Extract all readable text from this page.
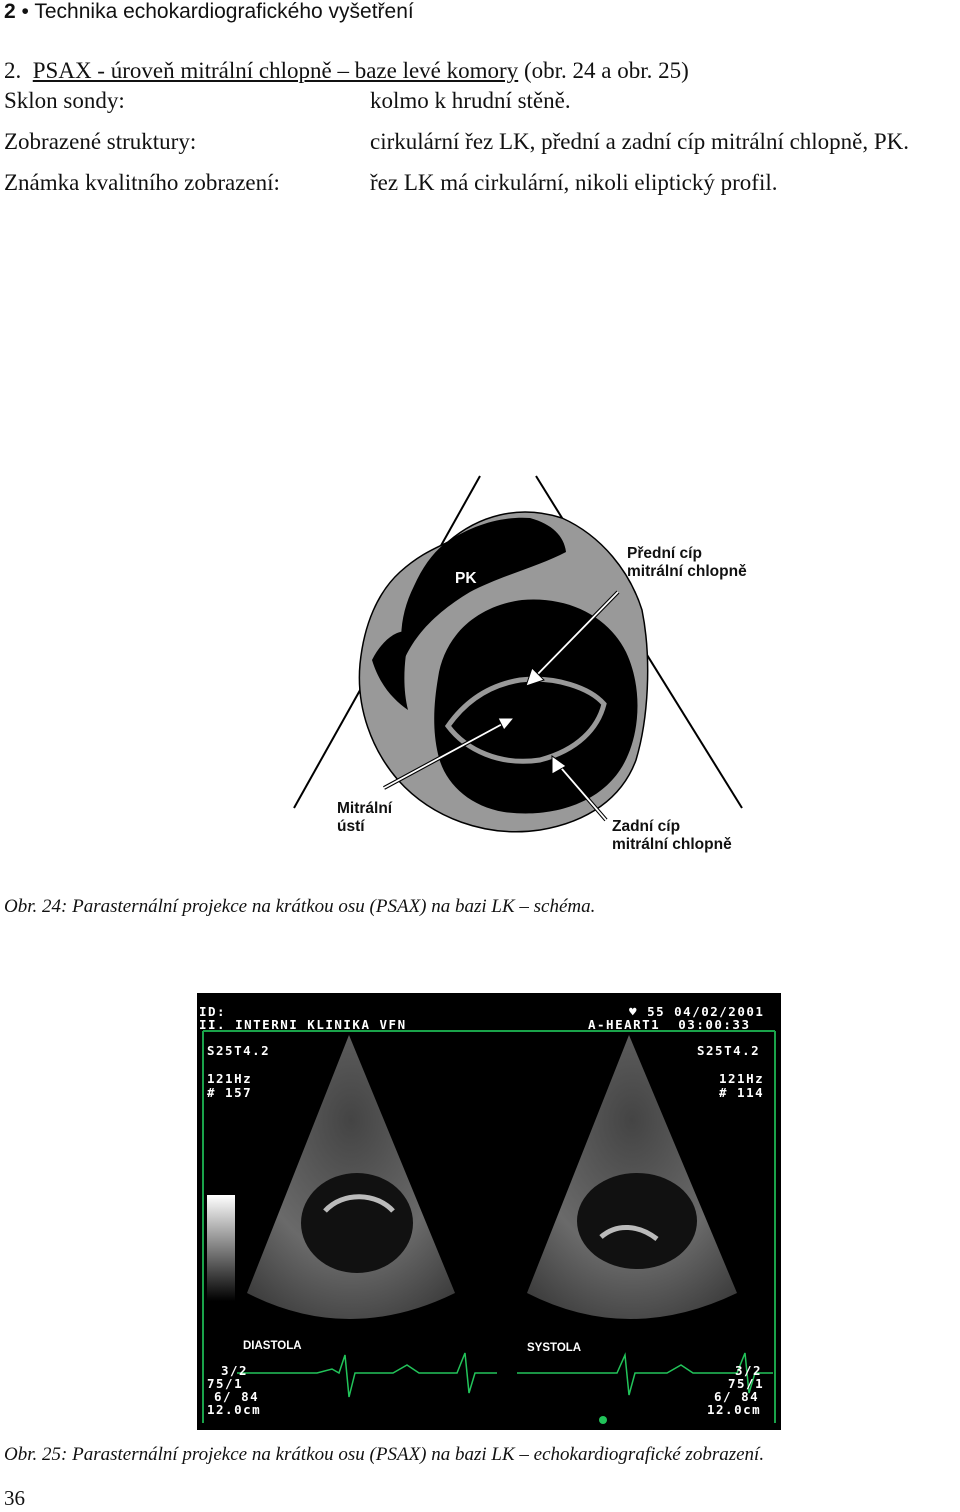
2 • Technika echokardiografického vyšetření
2. PSAX - úroveň mitrální chlopně – baze levé komory (obr. 24 a obr. 25)
Sklon sondy:	kolmo k hrudní stěně.
Zobrazené struktury:	cirkulární řez LK, přední a zadní cíp mitrální chlopně, PK.
Známka kvalitního zobrazení:	řez LK má cirkulární, nikoli eliptický profil.
PK
Přední cíp
mitrální chlopně
Mitrální
ústí	Zadní cíp
mitrální chlopně
Obr. 24: Parasternální projekce na krátkou osu (PSAX) na bazi LK – schéma.
ID:
II. INTERNI KLINIKA VFN
♥ 55 04/02/2001
A-HEART1 03:00:33
S25T4.2	S25T4.2
121Hz
# 157
121Hz
# 114
DIASTOLA	SYSTOLA
3/2
75/1
6/ 84
12.0cm
3/2
75/1
6/ 84
12.0cm
Obr. 25: Parasternální projekce na krátkou osu (PSAX) na bazi LK – echokardiografické zobrazení.
36
